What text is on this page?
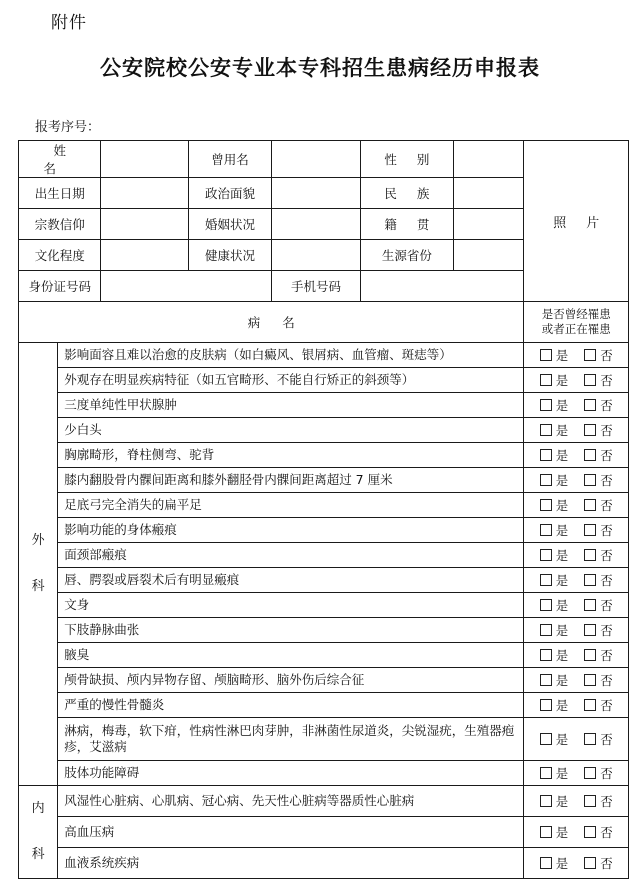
附件
公安院校公安专业本专科招生患病经历申报表
报考序号：
姓名			曾用名		性别		照片
出生日期			政治面貌		民族		
宗教信仰			婚姻状况		籍贯		
文化程度			健康状况		生源省份		
身份证号码				手机号码			
病名							是否曾经罹患
或者正在罹患

外
科	影响面容且难以治愈的皮肤病（如白癜风、银屑病、血管瘤、斑痣等）						是 否
	外观存在明显疾病特征（如五官畸形、不能自行矫正的斜颈等）						是 否
	三度单纯性甲状腺肿						是 否
	少白头						是 否
	胸廓畸形，脊柱侧弯、驼背						是 否
	膝内翻股骨内髁间距离和膝外翻胫骨内髁间距离超过 7 厘米						是 否
	足底弓完全消失的扁平足						是 否
	影响功能的身体瘢痕						是 否
	面颈部瘢痕						是 否
	唇、腭裂或唇裂术后有明显瘢痕						是 否
	文身						是 否
	下肢静脉曲张						是 否
	腋臭						是 否
	颅骨缺损、颅内异物存留、颅脑畸形、脑外伤后综合征						是 否
	严重的慢性骨髓炎						是 否
	淋病，梅毒，软下疳，性病性淋巴肉芽肿，非淋菌性尿道炎，尖锐湿疣，生殖器疱疹，艾滋病						是 否
	肢体功能障碍						是 否

内
科	风湿性心脏病、心肌病、冠心病、先天性心脏病等器质性心脏病						是 否
	高血压病						是 否
	血液系统疾病						是 否
